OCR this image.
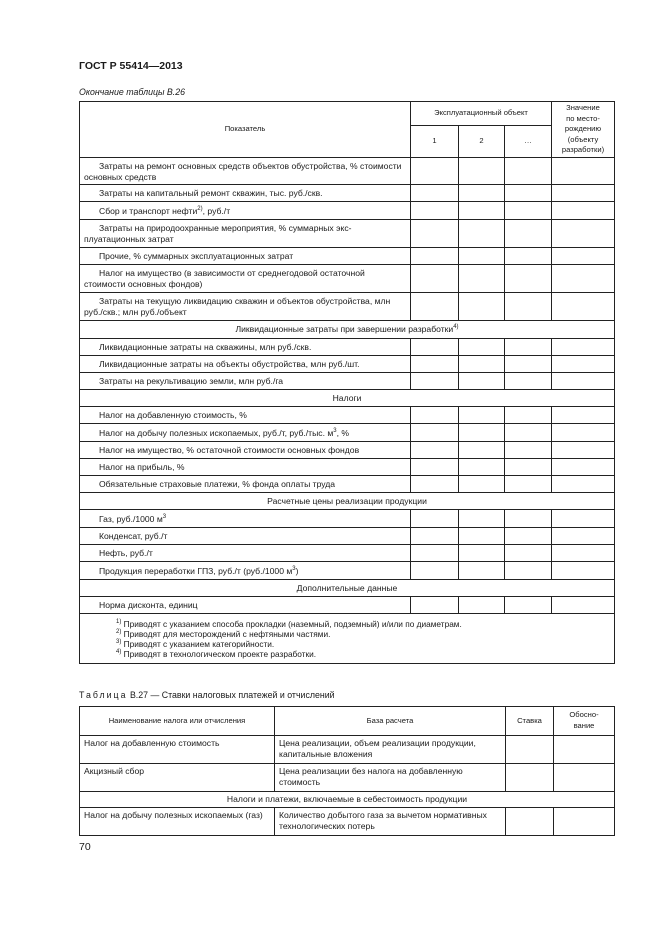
ГОСТ Р 55414—2013
Окончание таблицы В.26
Показатель	Эксплуатационный объект			Значение
по место-
рождению
(объекту
разработки)

	1	2	…	
Затраты на ремонт основных средств объектов обустройства, % стоимости основных средств				
Затраты на капитальный ремонт скважин, тыс. руб./скв.				
Сбор и транспорт нефти$^{2)}$, руб./т				
Затраты на природоохранные мероприятия, % суммарных эксплуатационных затрат				
Прочие, % суммарных эксплуатационных затрат				
Налог на имущество (в зависимости от среднегодовой остаточной стоимости основных фондов)				
Затраты на текущую ликвидацию скважин и объектов обустройства, млн руб./скв.; млн руб./объект				
Ликвидационные затраты при завершении разработки$^{4)}$
Ликвидационные затраты на скважины, млн руб./скв.				
Ликвидационные затраты на объекты обустройства, млн руб./шт.				
Затраты на рекультивацию земли, млн руб./га				
Налоги				
Налог на добавленную стоимость, %				
Налог на добычу полезных ископаемых, руб./т, руб./тыс. $м^3$, %				
Налог на имущество, % остаточной стоимости основных фондов				
Налог на прибыль, %				
Обязательные страховые платежи, % фонда оплаты труда				
Расчетные цены реализации продукции				
Газ, руб./1000 $м^3$				
Конденсат, руб./т				
Нефть, руб./т				
Продукция переработки ГПЗ, руб./т (руб./1000 $м^3$)				
Дополнительные данные				
Норма дисконта, единиц				

$^{1)}$ Приводят с указанием способа прокладки (наземный, подземный) и/или по диаметрам.
$^{2)}$ Приводят для месторождений с нефтяными частями.
$^{3)}$ Приводят с указанием категорийности.
$^{4)}$ Приводят в технологическом проекте разработки.				
Таблица В.27 — Ставки налоговых платежей и отчислений
Наименование налога или отчисления	База расчета	Ставка	Обосно-
вание

Налог на добавленную стоимость	Цена реализации, объем реализации продукции, капитальные вложения		
Акцизный сбор	Цена реализации без налога на добавленную стоимость		
Налоги и платежи, включаемые в себестоимость продукции			
Налог на добычу полезных ископаемых (газ)	Количество добытого газа за вычетом нормативных технологических потерь		
70
